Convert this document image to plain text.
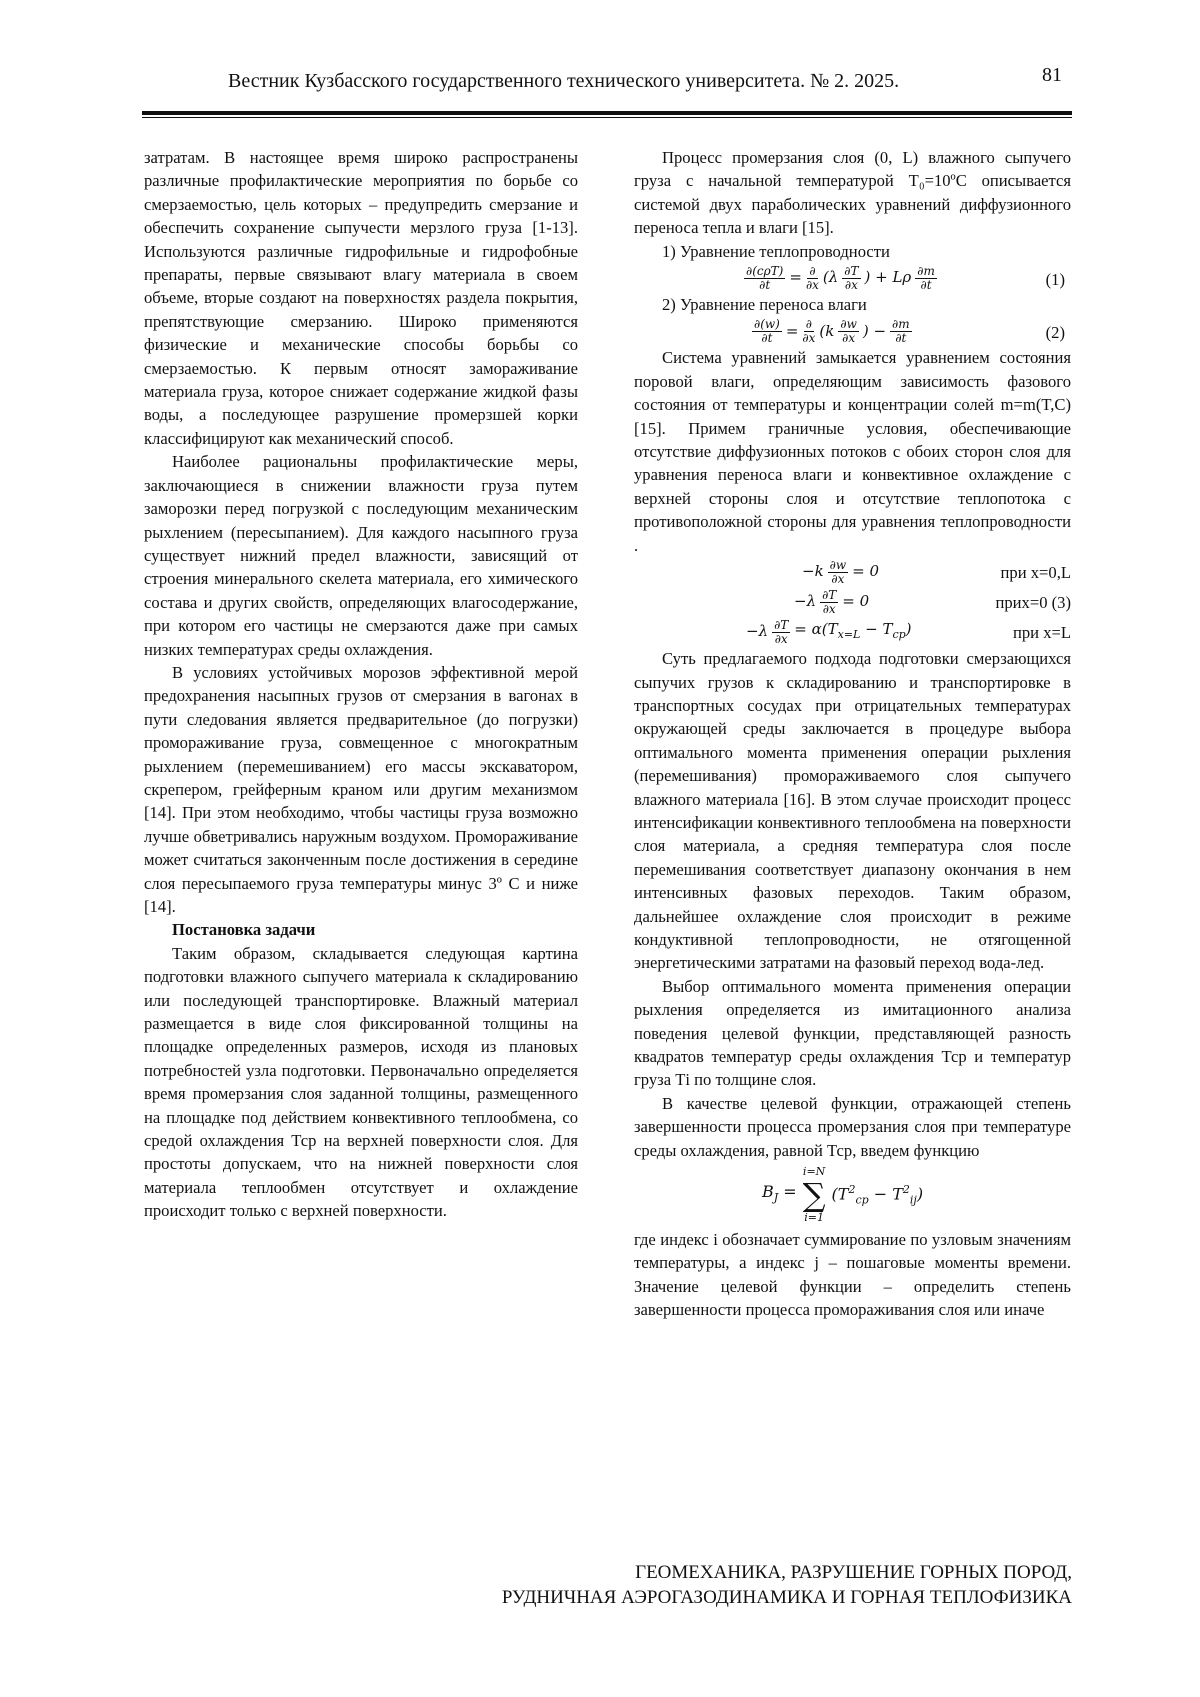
Вестник Кузбасского государственного технического университета. № 2. 2025.	81

затратам. В настоящее время широко распространены различные профилактические мероприятия по борьбе со смерзаемостью, цель которых – предупредить смерзание и обеспечить сохранение сыпучести мерзлого груза [1-13]. Используются различные гидрофильные и гидрофобные препараты, первые связывают влагу материала в своем объеме, вторые создают на поверхностях раздела покрытия, препятствующие смерзанию. Широко применяются физические и механические способы борьбы со смерзаемостью. К первым относят замораживание материала груза, которое снижает содержание жидкой фазы воды, а последующее разрушение промерзшей корки классифицируют как механический способ.

Наиболее рациональны профилактические меры, заключающиеся в снижении влажности груза путем заморозки перед погрузкой с последующим механическим рыхлением (пересыпанием). Для каждого насыпного груза существует нижний предел влажности, зависящий от строения минерального скелета материала, его химического состава и других свойств, определяющих влагосодержание, при котором его частицы не смерзаются даже при самых низких температурах среды охлаждения.

В условиях устойчивых морозов эффективной мерой предохранения насыпных грузов от смерзания в вагонах в пути следования является предварительное (до погрузки) промораживание груза, совмещенное с многократным рыхлением (перемешиванием) его массы экскаватором, скрепером, грейферным краном или другим механизмом [14]. При этом необходимо, чтобы частицы груза возможно лучше обветривались наружным воздухом. Промораживание может считаться законченным после достижения в середине слоя пересыпаемого груза температуры минус 3º С и ниже [14].

Постановка задачи

Таким образом, складывается следующая картина подготовки влажного сыпучего материала к складированию или последующей транспортировке. Влажный материал размещается в виде слоя фиксированной толщины на площадке определенных размеров, исходя из плановых потребностей узла подготовки. Первоначально определяется время промерзания слоя заданной толщины, размещенного на площадке под действием конвективного теплообмена, со средой охлаждения Тср на верхней поверхности слоя. Для простоты допускаем, что на нижней поверхности слоя материала теплообмен отсутствует и охлаждение происходит только с верхней поверхности.

Процесс промерзания слоя (0, L) влажного сыпучего груза с начальной температурой Т₀=10ºС описывается системой двух параболических уравнений диффузионного переноса тепла и влаги [15].

1) Уравнение теплопроводности

∂(cρT)
∂t = ∂
∂x (λ ∂T
∂x ) + Lρ ∂m
∂t	(1)

2) Уравнение переноса влаги

∂(w)
∂t = ∂
∂x (k ∂w
∂x ) − ∂m
∂t	(2)

Система уравнений замыкается уравнением состояния поровой влаги, определяющим зависимость фазового состояния от температуры и концентрации солей m=m(T,C) [15]. Примем граничные условия, обеспечивающие отсутствие диффузионных потоков с обоих сторон слоя для уравнения переноса влаги и конвективное охлаждение с верхней стороны слоя и отсутствие теплопотока с противоположной стороны для уравнения теплопроводности .

−k ∂w
∂x = 0	при x=0,L
−λ ∂T
∂x = 0	приx=0 (3)
−λ ∂T
∂x
= α(Tx=L − Tср)	при x=L

Суть предлагаемого подхода подготовки смерзающихся сыпучих грузов к складированию и транспортировке в транспортных сосудах при отрицательных температурах окружающей среды заключается в процедуре выбора оптимального момента применения операции рыхления (перемешивания) промораживаемого слоя сыпучего влажного материала [16]. В этом случае происходит процесс интенсификации конвективного теплообмена на поверхности слоя материала, а средняя температура слоя после перемешивания соответствует диапазону окончания в нем интенсивных фазовых переходов. Таким образом, дальнейшее охлаждение слоя происходит в режиме кондуктивной теплопроводности, не отягощенной энергетическими затратами на фазовый переход вода-лед.

Выбор оптимального момента применения операции рыхления определяется из имитационного анализа поведения целевой функции, представляющей разность квадратов температур среды охлаждения Тср и температур груза Тi по толщине слоя.

В качестве целевой функции, отражающей степень завершенности процесса промерзания слоя при температуре среды охлаждения, равной Тср, введем функцию

BJ =
i=N
∑
i=1
(T2ср − T2ij)

где индекс i обозначает суммирование по узловым значениям температуры, а индекс j – пошаговые моменты времени. Значение целевой функции – определить степень завершенности процесса промораживания слоя или иначе

ГЕОМЕХАНИКА, РАЗРУШЕНИЕ ГОРНЫХ ПОРОД,
РУДНИЧНАЯ АЭРОГАЗОДИНАМИКА И ГОРНАЯ ТЕПЛОФИЗИКА
